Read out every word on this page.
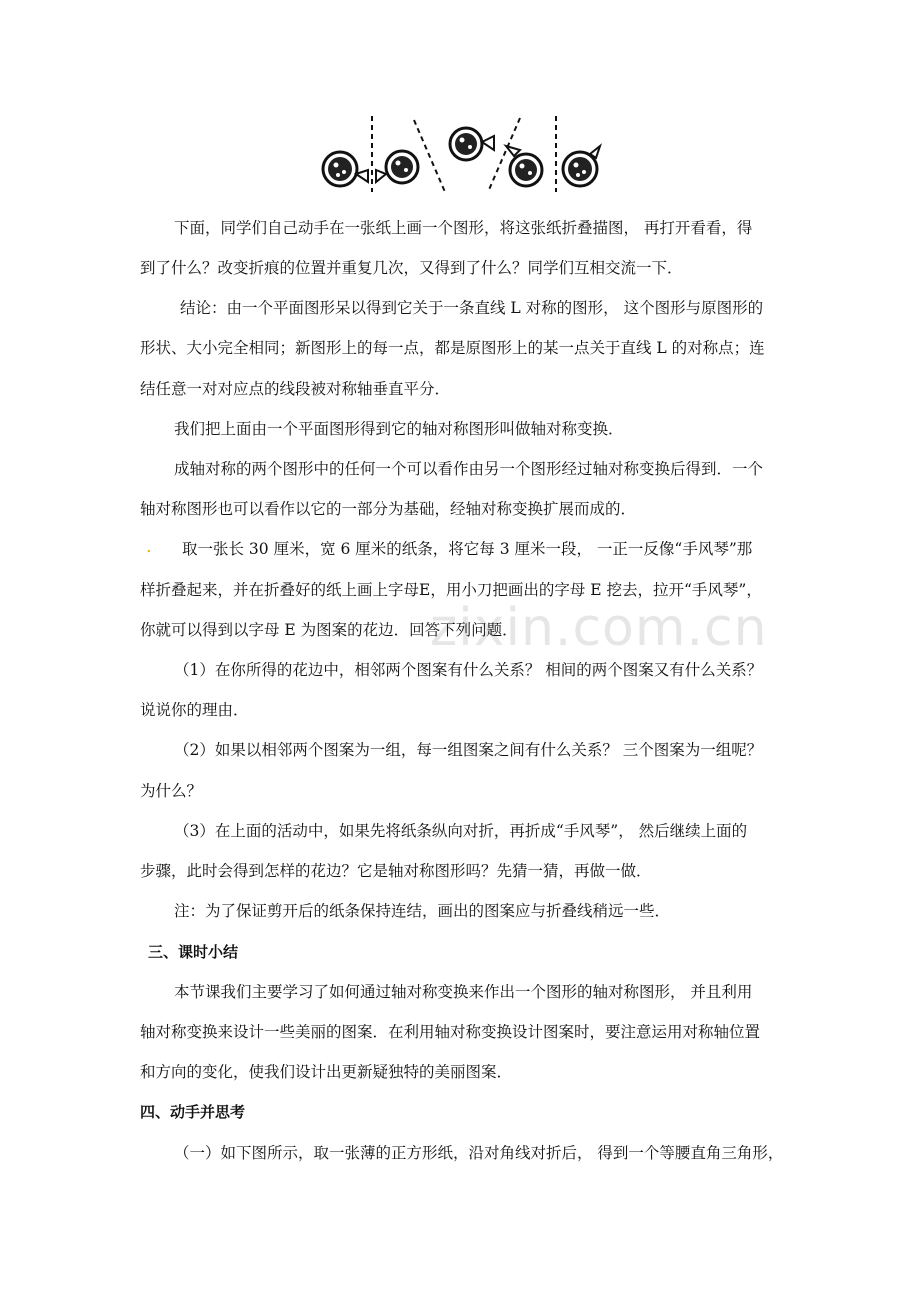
zixin.com.cn
.
下面，同学们自己动手在一张纸上画一个图形，将这张纸折叠描图， 再打开看看，得
到了什么？改变折痕的位置并重复几次，又得到了什么？同学们互相交流一下．
结论：由一个平面图形呆以得到它关于一条直线 L 对称的图形， 这个图形与原图形的
形状、大小完全相同；新图形上的每一点，都是原图形上的某一点关于直线 L 的对称点；连
结任意一对对应点的线段被对称轴垂直平分．
我们把上面由一个平面图形得到它的轴对称图形叫做轴对称变换．
成轴对称的两个图形中的任何一个可以看作由另一个图形经过轴对称变换后得到．一个
轴对称图形也可以看作以它的一部分为基础，经轴对称变换扩展而成的．
取一张长 30 厘米，宽 6 厘米的纸条，将它每 3 厘米一段， 一正一反像“手风琴”那
样折叠起来，并在折叠好的纸上画上字母E，用小刀把画出的字母 E 挖去，拉开“手风琴”，
你就可以得到以字母 E 为图案的花边．回答下列问题．
（1）在你所得的花边中，相邻两个图案有什么关系？ 相间的两个图案又有什么关系？
说说你的理由．
（2）如果以相邻两个图案为一组，每一组图案之间有什么关系？ 三个图案为一组呢？
为什么？
（3）在上面的活动中，如果先将纸条纵向对折，再折成“手风琴”， 然后继续上面的
步骤，此时会得到怎样的花边？它是轴对称图形吗？先猜一猜，再做一做．
注：为了保证剪开后的纸条保持连结，画出的图案应与折叠线稍远一些．
三、课时小结
本节课我们主要学习了如何通过轴对称变换来作出一个图形的轴对称图形， 并且利用
轴对称变换来设计一些美丽的图案．在利用轴对称变换设计图案时，要注意运用对称轴位置
和方向的变化，使我们设计出更新疑独特的美丽图案．
四、动手并思考
（一）如下图所示，取一张薄的正方形纸，沿对角线对折后， 得到一个等腰直角三角形，
